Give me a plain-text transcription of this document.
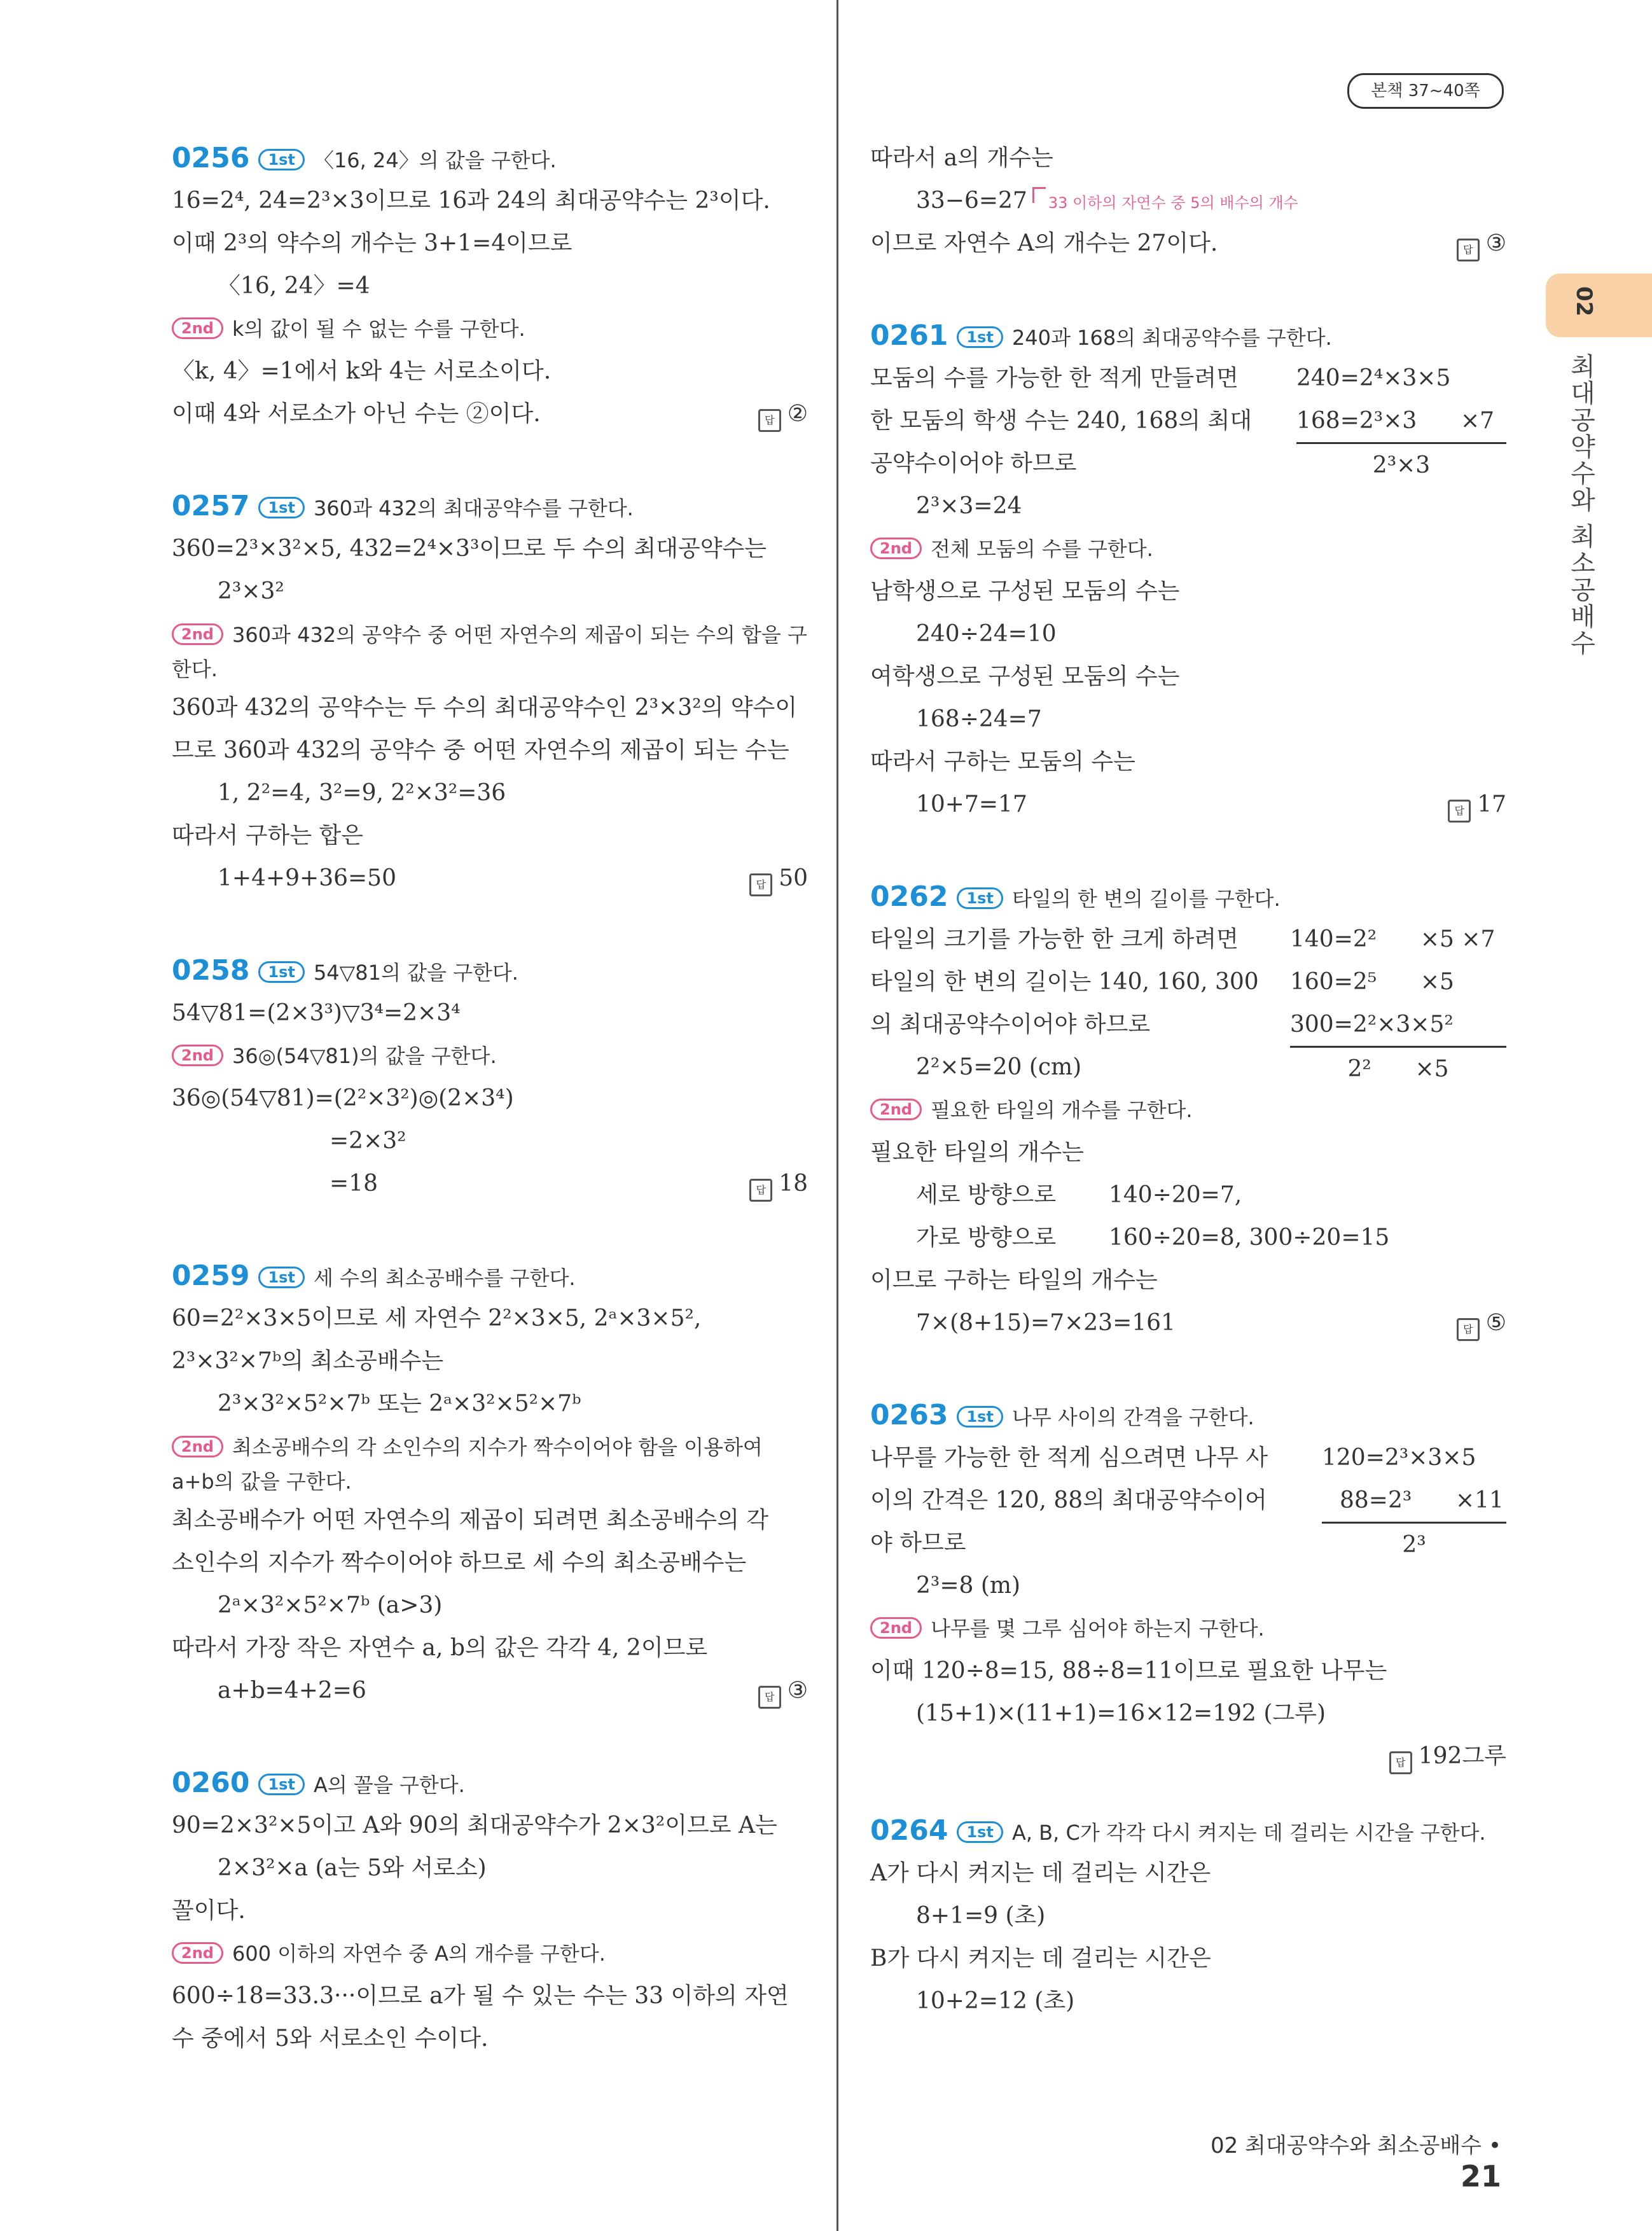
본책 37~40쪽
02
최대공약수와 최소공배수
0256 1st 〈16, 24〉의 값을 구한다.
16=2⁴, 24=2³×3이므로 16과 24의 최대공약수는 2³이다.
이때 2³의 약수의 개수는 3+1=4이므로
〈16, 24〉=4
2nd k의 값이 될 수 없는 수를 구한다.
〈k, 4〉=1에서 k와 4는 서로소이다.
이때 4와 서로소가 아닌 수는 ②이다.	답 ②
0257 1st 360과 432의 최대공약수를 구한다.
360=2³×3²×5, 432=2⁴×3³이므로 두 수의 최대공약수는
2³×3²
2nd 360과 432의 공약수 중 어떤 자연수의 제곱이 되는 수의 합을 구
한다.
360과 432의 공약수는 두 수의 최대공약수인 2³×3²의 약수이
므로 360과 432의 공약수 중 어떤 자연수의 제곱이 되는 수는
1, 2²=4, 3²=9, 2²×3²=36
따라서 구하는 합은
1+4+9+36=50	답 50
0258 1st 54▽81의 값을 구한다.
54▽81=(2×3³)▽3⁴=2×3⁴
2nd 36◎(54▽81)의 값을 구한다.
36◎(54▽81)=(2²×3²)◎(2×3⁴)
=2×3²
=18	답 18
0259 1st 세 수의 최소공배수를 구한다.
60=2²×3×5이므로 세 자연수 2²×3×5, 2ᵃ×3×5²,
2³×3²×7ᵇ의 최소공배수는
2³×3²×5²×7ᵇ 또는 2ᵃ×3²×5²×7ᵇ
2nd 최소공배수의 각 소인수의 지수가 짝수이어야 함을 이용하여
a+b의 값을 구한다.
최소공배수가 어떤 자연수의 제곱이 되려면 최소공배수의 각
소인수의 지수가 짝수이어야 하므로 세 수의 최소공배수는
2ᵃ×3²×5²×7ᵇ (a>3)
따라서 가장 작은 자연수 a, b의 값은 각각 4, 2이므로
a+b=4+2=6	답 ③
0260 1st A의 꼴을 구한다.
90=2×3²×5이고 A와 90의 최대공약수가 2×3²이므로 A는
2×3²×a (a는 5와 서로소)
꼴이다.
2nd 600 이하의 자연수 중 A의 개수를 구한다.
600÷18=33.3···이므로 a가 될 수 있는 수는 33 이하의 자연
수 중에서 5와 서로소인 수이다.
따라서 a의 개수는
33−6=27 33 이하의 자연수 중 5의 배수의 개수
이므로 자연수 A의 개수는 27이다.	답 ③
0261 1st 240과 168의 최대공약수를 구한다.
모둠의 수를 가능한 한 적게 만들려면
한 모둠의 학생 수는 240, 168의 최대
공약수이어야 하므로
240=2⁴×3×5
168=2³×3      ×7
2³×3
2³×3=24
2nd 전체 모둠의 수를 구한다.
남학생으로 구성된 모둠의 수는
240÷24=10
여학생으로 구성된 모둠의 수는
168÷24=7
따라서 구하는 모둠의 수는
10+7=17	답 17
0262 1st 타일의 한 변의 길이를 구한다.
타일의 크기를 가능한 한 크게 하려면
타일의 한 변의 길이는 140, 160, 300
의 최대공약수이어야 하므로
2²×5=20 (cm)
140=2²      ×5 ×7
160=2⁵      ×5
300=2²×3×5²
2²      ×5
2nd 필요한 타일의 개수를 구한다.
필요한 타일의 개수는
세로 방향으로 140÷20=7,
가로 방향으로 160÷20=8, 300÷20=15
이므로 구하는 타일의 개수는
7×(8+15)=7×23=161	답 ⑤
0263 1st 나무 사이의 간격을 구한다.
나무를 가능한 한 적게 심으려면 나무 사
이의 간격은 120, 88의 최대공약수이어
야 하므로
120=2³×3×5
88=2³      ×11
2³
2³=8 (m)
2nd 나무를 몇 그루 심어야 하는지 구한다.
이때 120÷8=15, 88÷8=11이므로 필요한 나무는
(15+1)×(11+1)=16×12=192 (그루)
답 192그루
0264 1st A, B, C가 각각 다시 켜지는 데 걸리는 시간을 구한다.
A가 다시 켜지는 데 걸리는 시간은
8+1=9 (초)
B가 다시 켜지는 데 걸리는 시간은
10+2=12 (초)
02 최대공약수와 최소공배수 • 21
